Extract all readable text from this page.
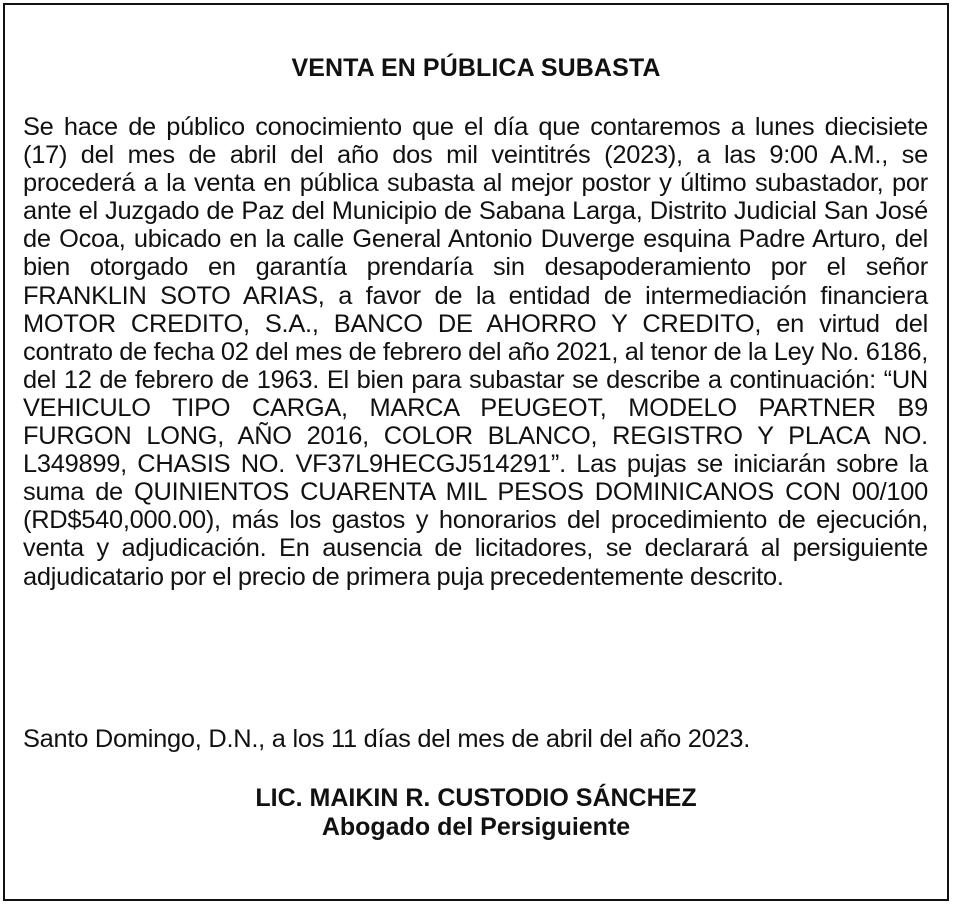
VENTA EN PÚBLICA SUBASTA

Se hace de público conocimiento que el día que contaremos a lunes diecisiete (17) del mes de abril del año dos mil veintitrés (2023), a las 9:00 A.M., se procederá a la venta en pública subasta al mejor postor y último subastador, por ante el Juzgado de Paz del Municipio de Sabana Larga, Distrito Judicial San José de Ocoa, ubicado en la calle General Antonio Duverge esquina Padre Arturo, del bien otorgado en garantía prendaría sin desapoderamiento por el señor FRANKLIN SOTO ARIAS, a favor de la entidad de intermediación financiera MOTOR CREDITO, S.A., BANCO DE AHORRO Y CREDITO, en virtud del contrato de fecha 02 del mes de febrero del año 2021, al tenor de la Ley No. 6186, del 12 de febrero de 1963. El bien para subastar se describe a continuación: “UN VEHICULO TIPO CARGA, MARCA PEUGEOT, MODELO PARTNER B9 FURGON LONG, AÑO 2016, COLOR BLANCO, REGISTRO Y PLACA NO. L349899, CHASIS NO. VF37L9HECGJ514291”. Las pujas se iniciarán sobre la suma de QUINIENTOS CUARENTA MIL PESOS DOMINICANOS CON 00/100 (RD$540,000.00), más los gastos y honorarios del procedimiento de ejecución, venta y adjudicación. En ausencia de licitadores, se declarará al persiguiente adjudicatario por el precio de primera puja precedentemente descrito.

Santo Domingo, D.N., a los 11 días del mes de abril del año 2023.

LIC. MAIKIN R. CUSTODIO SÁNCHEZ
Abogado del Persiguiente
